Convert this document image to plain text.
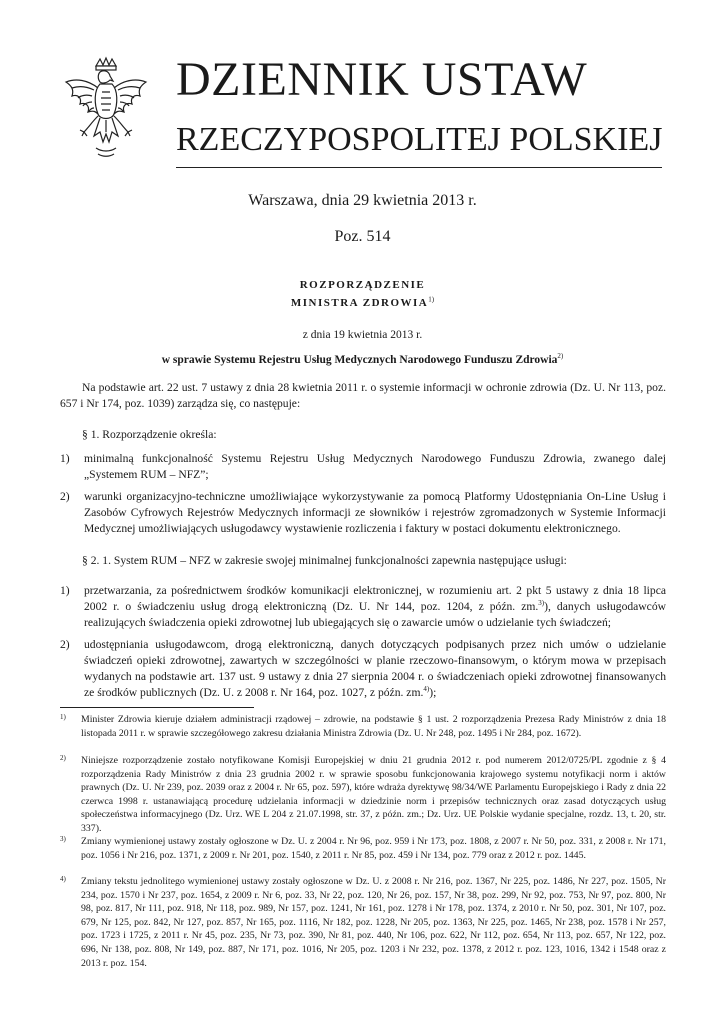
DZIENNIK USTAW
RZECZYPOSPOLITEJ POLSKIEJ
Warszawa, dnia 29 kwietnia 2013 r.
Poz. 514
ROZPORZĄDZENIE
MINISTRA ZDROWIA$^{1)}$
z dnia 19 kwietnia 2013 r.
w sprawie Systemu Rejestru Usług Medycznych Narodowego Funduszu Zdrowia$^{2)}$
Na podstawie art. 22 ust. 7 ustawy z dnia 28 kwietnia 2011 r. o systemie informacji w ochronie zdrowia (Dz. U. Nr 113, poz. 657 i Nr 174, poz. 1039) zarządza się, co następuje:
§ 1. Rozporządzenie określa:
1) minimalną funkcjonalność Systemu Rejestru Usług Medycznych Narodowego Funduszu Zdrowia, zwanego dalej „Systemem RUM – NFZ”;
2) warunki organizacyjno-techniczne umożliwiające wykorzystywanie za pomocą Platformy Udostępniania On-Line Usług i Zasobów Cyfrowych Rejestrów Medycznych informacji ze słowników i rejestrów zgromadzonych w Systemie Informacji Medycznej umożliwiających usługodawcy wystawienie rozliczenia i faktury w postaci dokumentu elektronicznego.
§ 2. 1. System RUM – NFZ w zakresie swojej minimalnej funkcjonalności zapewnia następujące usługi:
1) przetwarzania, za pośrednictwem środków komunikacji elektronicznej, w rozumieniu art. 2 pkt 5 ustawy z dnia 18 lipca 2002 r. o świadczeniu usług drogą elektroniczną (Dz. U. Nr 144, poz. 1204, z późn. zm.$^{3)}$), danych usługodawców realizujących świadczenia opieki zdrowotnej lub ubiegających się o zawarcie umów o udzielanie tych świadczeń;
2) udostępniania usługodawcom, drogą elektroniczną, danych dotyczących podpisanych przez nich umów o udzielanie świadczeń opieki zdrowotnej, zawartych w szczególności w planie rzeczowo-finansowym, o którym mowa w przepisach wydanych na podstawie art. 137 ust. 9 ustawy z dnia 27 sierpnia 2004 r. o świadczeniach opieki zdrowotnej finansowanych ze środków publicznych (Dz. U. z 2008 r. Nr 164, poz. 1027, z późn. zm.$^{4)}$);
1) Minister Zdrowia kieruje działem administracji rządowej – zdrowie, na podstawie § 1 ust. 2 rozporządzenia Prezesa Rady Ministrów z dnia 18 listopada 2011 r. w sprawie szczegółowego zakresu działania Ministra Zdrowia (Dz. U. Nr 248, poz. 1495 i Nr 284, poz. 1672).
2) Niniejsze rozporządzenie zostało notyfikowane Komisji Europejskiej w dniu 21 grudnia 2012 r. pod numerem 2012/0725/PL zgodnie z § 4 rozporządzenia Rady Ministrów z dnia 23 grudnia 2002 r. w sprawie sposobu funkcjonowania krajowego systemu notyfikacji norm i aktów prawnych (Dz. U. Nr 239, poz. 2039 oraz z 2004 r. Nr 65, poz. 597), które wdraża dyrektywę 98/34/WE Parlamentu Europejskiego i Rady z dnia 22 czerwca 1998 r. ustanawiającą procedurę udzielania informacji w dziedzinie norm i przepisów technicznych oraz zasad dotyczących usług społeczeństwa informacyjnego (Dz. Urz. WE L 204 z 21.07.1998, str. 37, z późn. zm.; Dz. Urz. UE Polskie wydanie specjalne, rozdz. 13, t. 20, str. 337).
3) Zmiany wymienionej ustawy zostały ogłoszone w Dz. U. z 2004 r. Nr 96, poz. 959 i Nr 173, poz. 1808, z 2007 r. Nr 50, poz. 331, z 2008 r. Nr 171, poz. 1056 i Nr 216, poz. 1371, z 2009 r. Nr 201, poz. 1540, z 2011 r. Nr 85, poz. 459 i Nr 134, poz. 779 oraz z 2012 r. poz. 1445.
4) Zmiany tekstu jednolitego wymienionej ustawy zostały ogłoszone w Dz. U. z 2008 r. Nr 216, poz. 1367, Nr 225, poz. 1486, Nr 227, poz. 1505, Nr 234, poz. 1570 i Nr 237, poz. 1654, z 2009 r. Nr 6, poz. 33, Nr 22, poz. 120, Nr 26, poz. 157, Nr 38, poz. 299, Nr 92, poz. 753, Nr 97, poz. 800, Nr 98, poz. 817, Nr 111, poz. 918, Nr 118, poz. 989, Nr 157, poz. 1241, Nr 161, poz. 1278 i Nr 178, poz. 1374, z 2010 r. Nr 50, poz. 301, Nr 107, poz. 679, Nr 125, poz. 842, Nr 127, poz. 857, Nr 165, poz. 1116, Nr 182, poz. 1228, Nr 205, poz. 1363, Nr 225, poz. 1465, Nr 238, poz. 1578 i Nr 257, poz. 1723 i 1725, z 2011 r. Nr 45, poz. 235, Nr 73, poz. 390, Nr 81, poz. 440, Nr 106, poz. 622, Nr 112, poz. 654, Nr 113, poz. 657, Nr 122, poz. 696, Nr 138, poz. 808, Nr 149, poz. 887, Nr 171, poz. 1016, Nr 205, poz. 1203 i Nr 232, poz. 1378, z 2012 r. poz. 123, 1016, 1342 i 1548 oraz z 2013 r. poz. 154.
